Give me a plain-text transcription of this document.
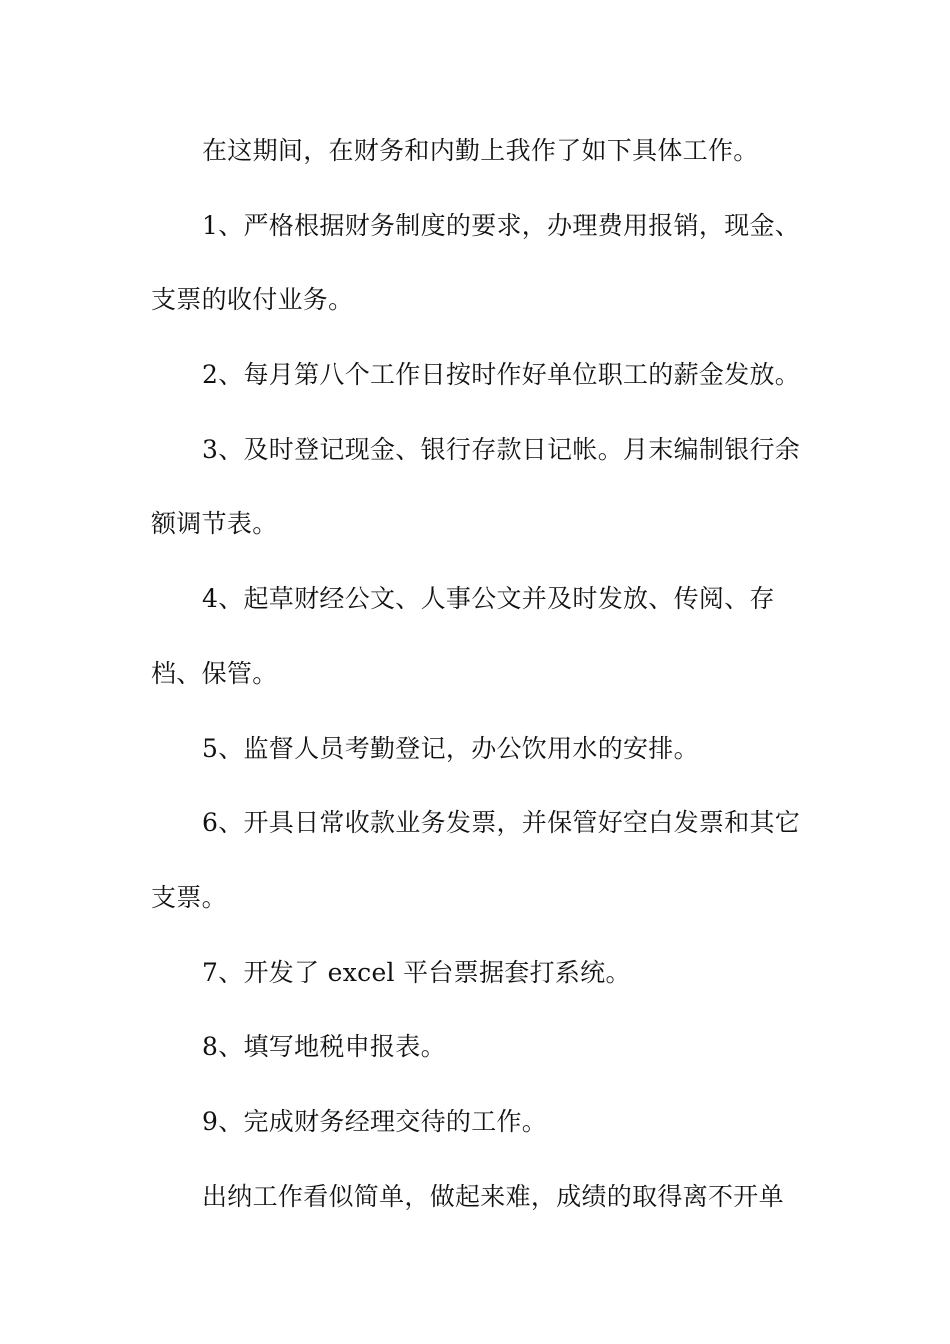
在这期间，在财务和内勤上我作了如下具体工作。
1、严格根据财务制度的要求，办理费用报销，现金、
支票的收付业务。
2、每月第八个工作日按时作好单位职工的薪金发放。
3、及时登记现金、银行存款日记帐。月末编制银行余
额调节表。
4、起草财经公文、人事公文并及时发放、传阅、存
档、保管。
5、监督人员考勤登记，办公饮用水的安排。
6、开具日常收款业务发票，并保管好空白发票和其它
支票。
7、开发了 excel 平台票据套打系统。
8、填写地税申报表。
9、完成财务经理交待的工作。
出纳工作看似简单，做起来难，成绩的取得离不开单
